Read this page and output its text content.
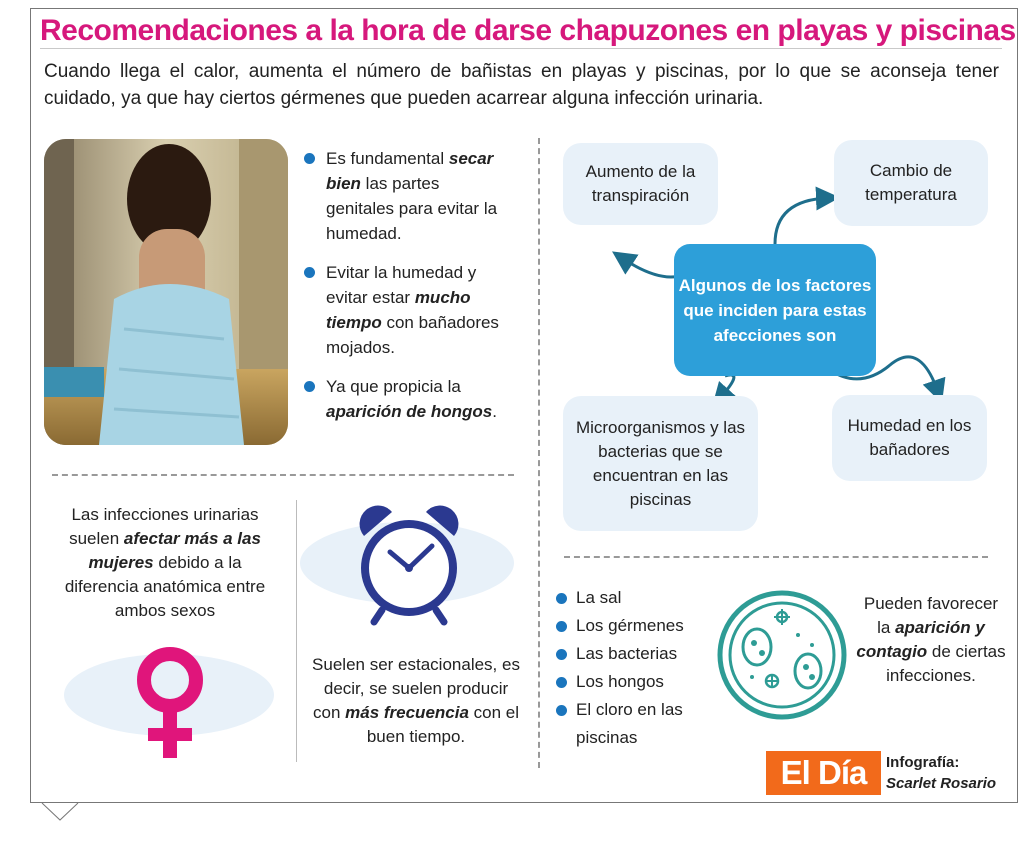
Recomendaciones a la hora de darse chapuzones en playas y piscinas
Cuando llega el calor, aumenta el número de bañistas en playas y piscinas, por lo que se aconseja tener cuidado, ya que hay ciertos gérmenes que pueden acarrear alguna infección urinaria.
Es fundamental secar bien las partes genitales para evitar la humedad.
Evitar la humedad y evitar estar mucho tiempo con bañadores mojados.
Ya que propicia la aparición de hongos.
Aumento de la transpiración
Cambio de temperatura
Algunos de los factores que inciden para estas afecciones son
Microorganismos y las bacterias que se encuentran en las piscinas
Humedad en los bañadores
Las infecciones urinarias suelen afectar más a las mujeres debido a la diferencia anatómica entre ambos sexos
Suelen ser estacionales, es decir, se suelen producir con más frecuencia con el buen tiempo.
La sal
Los gérmenes
Las bacterias
Los hongos
El cloro en las piscinas
Pueden favorecer la aparición y contagio de ciertas infecciones.
El Día	Infografía:
Scarlet Rosario
